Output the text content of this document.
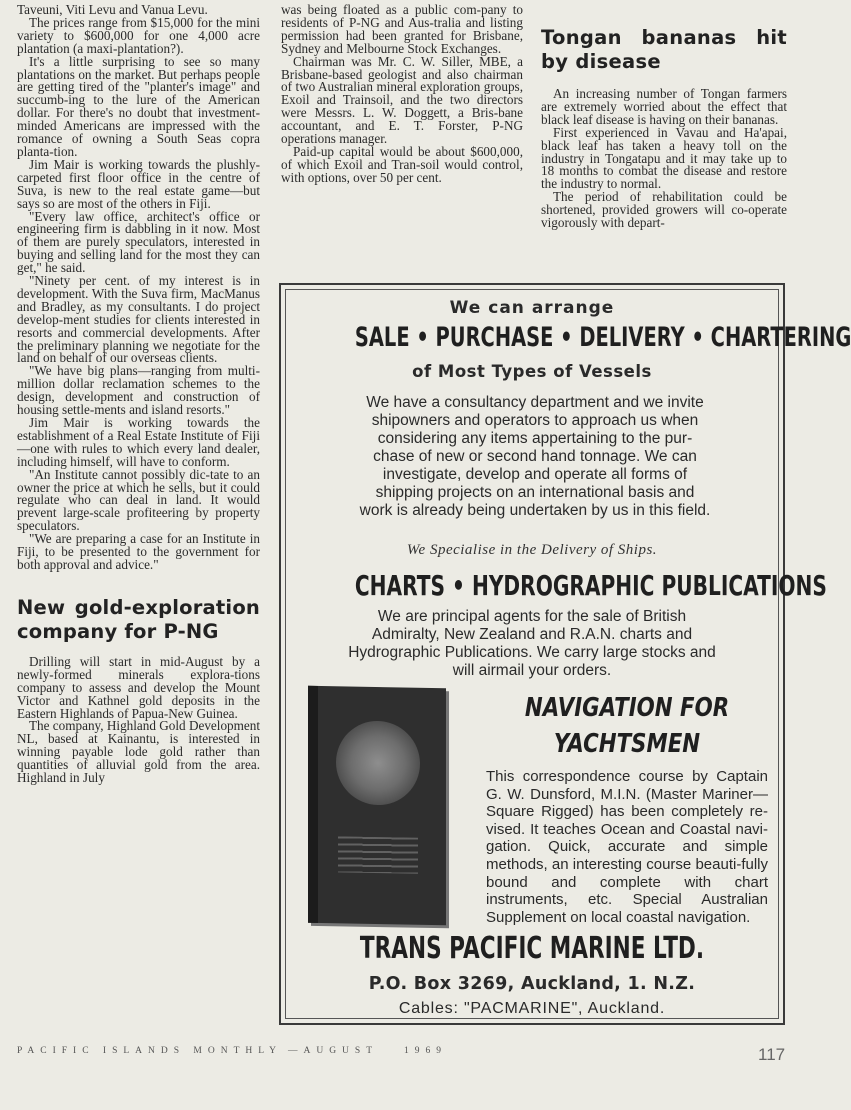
Taveuni, Viti Levu and Vanua Levu.

The prices range from $15,000 for the mini variety to $600,000 for one 4,000 acre plantation (a maxi-plantation?).

It's a little surprising to see so many plantations on the market. But perhaps people are getting tired of the "planter's image" and succumb-ing to the lure of the American dollar. For there's no doubt that investment-minded Americans are impressed with the romance of owning a South Seas copra planta-tion.

Jim Mair is working towards the plushly-carpeted first floor office in the centre of Suva, is new to the real estate game—but says so are most of the others in Fiji.

"Every law office, architect's office or engineering firm is dabbling in it now. Most of them are purely speculators, interested in buying and selling land for the most they can get," he said.

"Ninety per cent. of my interest is in development. With the Suva firm, MacManus and Bradley, as my consultants. I do project develop-ment studies for clients interested in resorts and commercial developments. After the preliminary planning we negotiate for the land on behalf of our overseas clients.

"We have big plans—ranging from multi-million dollar reclamation schemes to the design, development and construction of housing settle-ments and island resorts."

Jim Mair is working towards the establishment of a Real Estate Institute of Fiji—one with rules to which every land dealer, including himself, will have to conform.

"An Institute cannot possibly dic-tate to an owner the price at which he sells, but it could regulate who can deal in land. It would prevent large-scale profiteering by property speculators.

"We are preparing a case for an Institute in Fiji, to be presented to the government for both approval and advice."

New gold-exploration company for P-NG

Drilling will start in mid-August by a newly-formed minerals explora-tions company to assess and develop the Mount Victor and Kathnel gold deposits in the Eastern Highlands of Papua-New Guinea.

The company, Highland Gold Development NL, based at Kainantu, is interested in winning payable lode gold rather than quantities of alluvial gold from the area. Highland in July

was being floated as a public com-pany to residents of P-NG and Aus-tralia and listing permission had been granted for Brisbane, Sydney and Melbourne Stock Exchanges.

Chairman was Mr. C. W. Siller, MBE, a Brisbane-based geologist and also chairman of two Australian mineral exploration groups, Exoil and Trainsoil, and the two directors were Messrs. L. W. Doggett, a Bris-bane accountant, and E. T. Forster, P-NG operations manager.

Paid-up capital would be about $600,000, of which Exoil and Tran-soil would control, with options, over 50 per cent.

Tongan bananas hit by disease

An increasing number of Tongan farmers are extremely worried about the effect that black leaf disease is having on their bananas.

First experienced in Vavau and Ha'apai, black leaf has taken a heavy toll on the industry in Tongatapu and it may take up to 18 months to combat the disease and restore the industry to normal.

The period of rehabilitation could be shortened, provided growers will co-operate vigorously with depart-

We can arrange
SALE • PURCHASE • DELIVERY • CHARTERING
of Most Types of Vessels
We have a consultancy department and we invite shipowners and operators to approach us when considering any items appertaining to the pur-chase of new or second hand tonnage. We can investigate, develop and operate all forms of shipping projects on an international basis and work is already being undertaken by us in this field.
We Specialise in the Delivery of Ships.
CHARTS • HYDROGRAPHIC PUBLICATIONS
We are principal agents for the sale of British Admiralty, New Zealand and R.A.N. charts and Hydrographic Publications. We carry large stocks and will airmail your orders.
NAVIGATION FOR
YACHTSMEN
This correspondence course by Captain G. W. Dunsford, M.I.N. (Master Mariner—Square Rigged) has been completely re-vised. It teaches Ocean and Coastal navi-gation. Quick, accurate and simple methods, an interesting course beauti-fully bound and complete with chart instruments, etc. Special Australian Supplement on local coastal navigation.
TRANS PACIFIC MARINE LTD.
P.O. Box 3269, Auckland, 1. N.Z.
Cables: "PACMARINE", Auckland.
PACIFIC ISLANDS MONTHLY —AUGUST	1969	117
